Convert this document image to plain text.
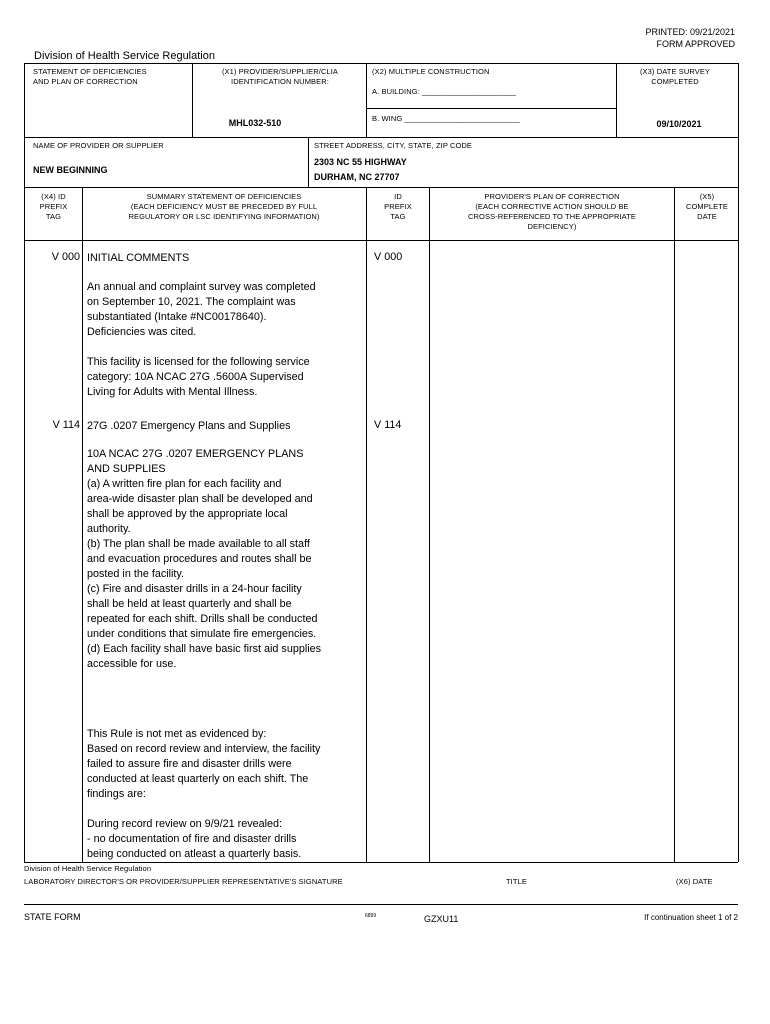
PRINTED: 09/21/2021
FORM APPROVED
Division of Health Service Regulation
STATEMENT OF DEFICIENCIES
AND PLAN OF CORRECTION
(X1) PROVIDER/SUPPLIER/CLIA
IDENTIFICATION NUMBER:
MHL032-510
(X2) MULTIPLE CONSTRUCTION
A. BUILDING: ______________________
B. WING ___________________________
(X3) DATE SURVEY
COMPLETED
09/10/2021
NAME OF PROVIDER OR SUPPLIER
NEW BEGINNING
STREET ADDRESS, CITY, STATE, ZIP CODE
2303 NC 55 HIGHWAY
DURHAM, NC 27707
(X4) ID
PREFIX
TAG
SUMMARY STATEMENT OF DEFICIENCIES
(EACH DEFICIENCY MUST BE PRECEDED BY FULL
REGULATORY OR LSC IDENTIFYING INFORMATION)
ID
PREFIX
TAG
PROVIDER'S PLAN OF CORRECTION
(EACH CORRECTIVE ACTION SHOULD BE
CROSS-REFERENCED TO THE APPROPRIATE
DEFICIENCY)
(X5)
COMPLETE
DATE
V 000	V 000
INITIAL COMMENTS

An annual and complaint survey was completed
on September 10, 2021. The complaint was
substantiated (Intake #NC00178640).
Deficiencies was cited.

This facility is licensed for the following service
category: 10A NCAC 27G .5600A Supervised
Living for Adults with Mental Illness.

V 114	V 114
27G .0207 Emergency Plans and Supplies

10A NCAC 27G .0207 EMERGENCY PLANS
AND SUPPLIES
(a) A written fire plan for each facility and
area-wide disaster plan shall be developed and
shall be approved by the appropriate local
authority.
(b) The plan shall be made available to all staff
and evacuation procedures and routes shall be
posted in the facility.
(c) Fire and disaster drills in a 24-hour facility
shall be held at least quarterly and shall be
repeated for each shift. Drills shall be conducted
under conditions that simulate fire emergencies.
(d) Each facility shall have basic first aid supplies
accessible for use.

This Rule is not met as evidenced by:
Based on record review and interview, the facility
failed to assure fire and disaster drills were
conducted at least quarterly on each shift. The
findings are:

During record review on 9/9/21 revealed:
- no documentation of fire and disaster drills
being conducted on atleast a quarterly basis.

Division of Health Service Regulation
LABORATORY DIRECTOR'S OR PROVIDER/SUPPLIER REPRESENTATIVE'S SIGNATURE	TITLE	(X6) DATE
STATE FORM	6899	GZXU11	If continuation sheet 1 of 2
